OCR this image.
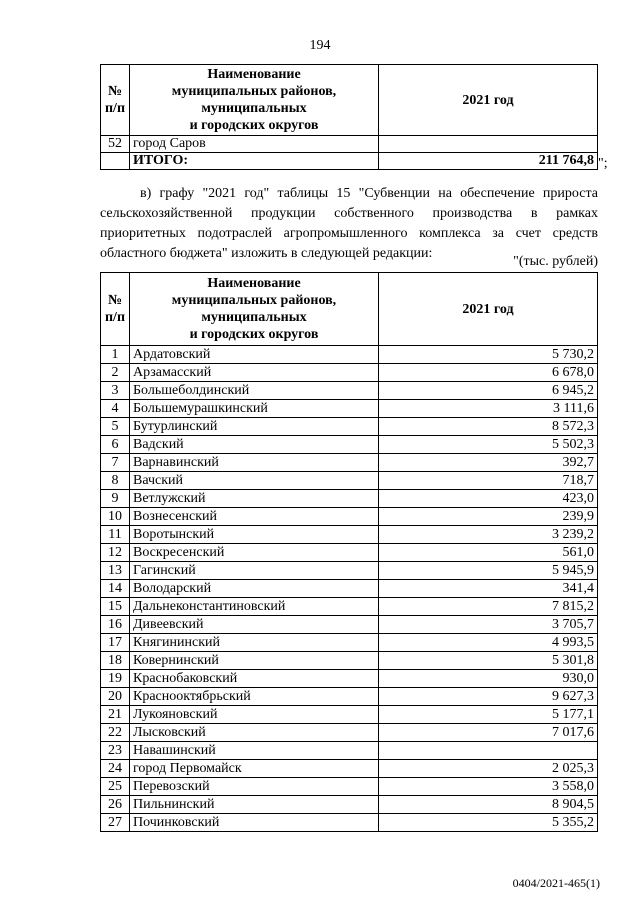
194
№
п/п	Наименование
муниципальных районов,
муниципальных
и городских округов	2021 год
52	город Саров	
	ИТОГО:	211 764,8 ";
в) графу "2021 год" таблицы 15 "Субвенции на обеспечение прироста сельскохозяйственной продукции собственного производства в рамках приоритетных подотраслей агропромышленного комплекса за счет средств областного бюджета" изложить в следующей редакции:
"(тыс. рублей)
№
п/п	Наименование
муниципальных районов,
муниципальных
и городских округов	2021 год
1	Ардатовский	5 730,2
2	Арзамасский	6 678,0
3	Большеболдинский	6 945,2
4	Большемурашкинский	3 111,6
5	Бутурлинский	8 572,3
6	Вадский	5 502,3
7	Варнавинский	392,7
8	Вачский	718,7
9	Ветлужский	423,0
10	Вознесенский	239,9
11	Воротынский	3 239,2
12	Воскресенский	561,0
13	Гагинский	5 945,9
14	Володарский	341,4
15	Дальнеконстантиновский	7 815,2
16	Дивеевский	3 705,7
17	Княгининский	4 993,5
18	Ковернинский	5 301,8
19	Краснобаковский	930,0
20	Краснооктябрьский	9 627,3
21	Лукояновский	5 177,1
22	Лысковский	7 017,6
23	Навашинский	
24	город Первомайск	2 025,3
25	Перевозский	3 558,0
26	Пильнинский	8 904,5
27	Починковский	5 355,2
0404/2021-465(1)
